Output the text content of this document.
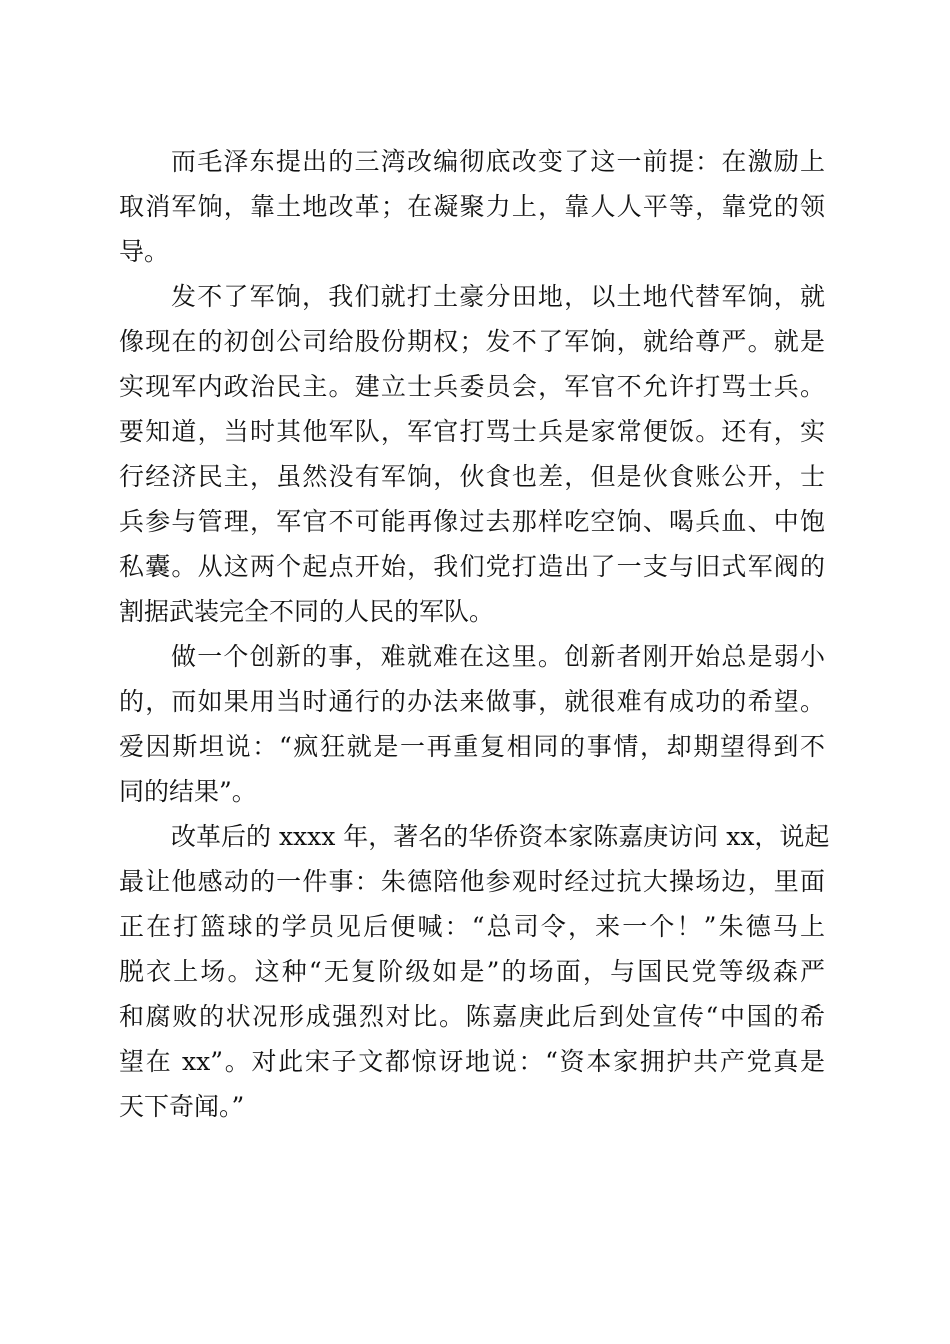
而毛泽东提出的三湾改编彻底改变了这一前提：在激励上
取消军饷，靠土地改革；在凝聚力上，靠人人平等，靠党的领
导。
发不了军饷，我们就打土豪分田地，以土地代替军饷，就
像现在的初创公司给股份期权；发不了军饷，就给尊严。就是
实现军内政治民主。建立士兵委员会，军官不允许打骂士兵。
要知道，当时其他军队，军官打骂士兵是家常便饭。还有，实
行经济民主，虽然没有军饷，伙食也差，但是伙食账公开，士
兵参与管理，军官不可能再像过去那样吃空饷、喝兵血、中饱
私囊。从这两个起点开始，我们党打造出了一支与旧式军阀的
割据武装完全不同的人民的军队。
做一个创新的事，难就难在这里。创新者刚开始总是弱小
的，而如果用当时通行的办法来做事，就很难有成功的希望。
爱因斯坦说：“疯狂就是一再重复相同的事情，却期望得到不
同的结果”。
改革后的 xxxx 年，著名的华侨资本家陈嘉庚访问 xx，说起
最让他感动的一件事：朱德陪他参观时经过抗大操场边，里面
正在打篮球的学员见后便喊：“总司令，来一个！”朱德马上
脱衣上场。这种“无复阶级如是”的场面，与国民党等级森严
和腐败的状况形成强烈对比。陈嘉庚此后到处宣传“中国的希
望在 xx”。对此宋子文都惊讶地说：“资本家拥护共产党真是
天下奇闻。”
